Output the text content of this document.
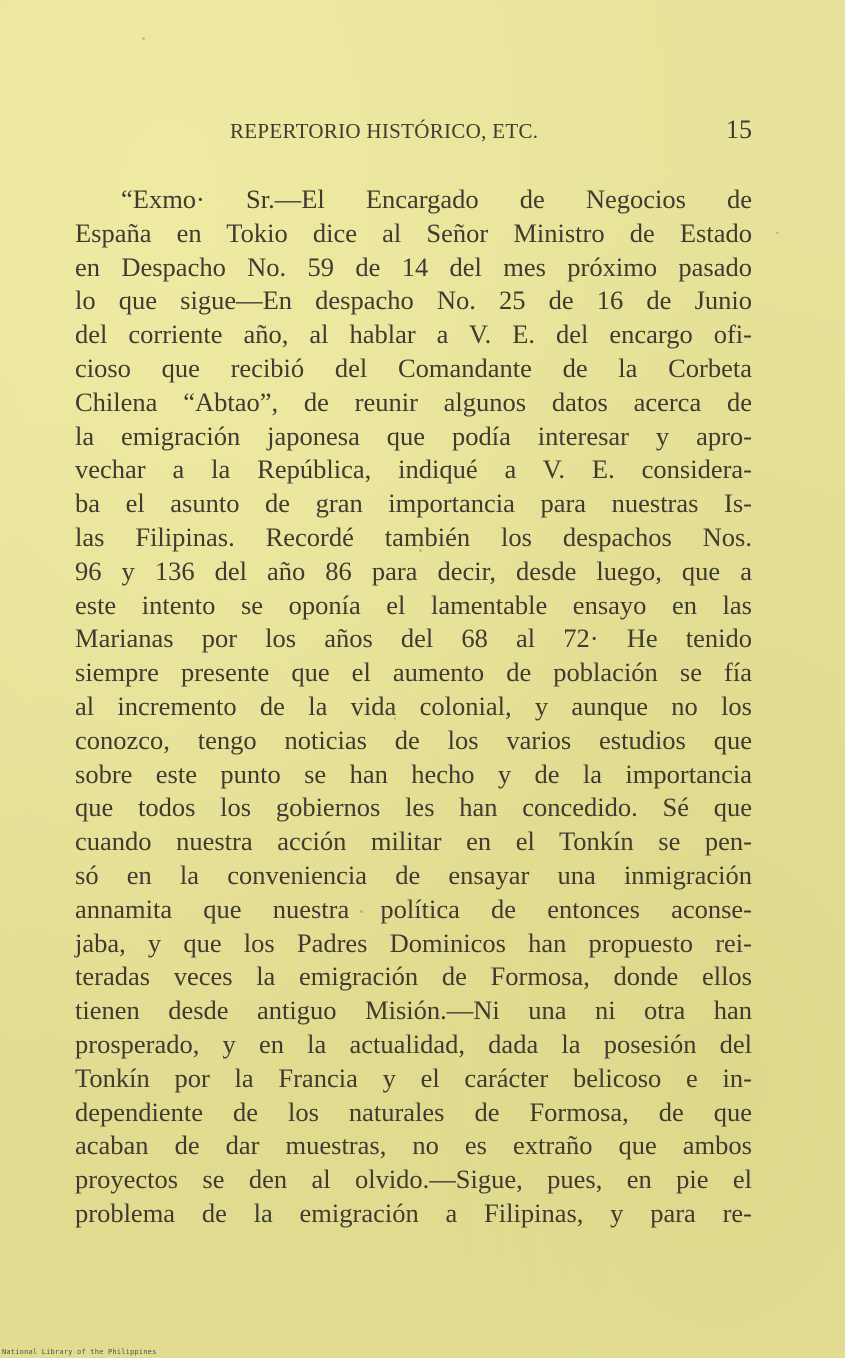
REPERTORIO HISTÓRICO, ETC.	15
“Exmo· Sr.—El Encargado de Negocios de
España en Tokio dice al Señor Ministro de Estado
en Despacho No. 59 de 14 del mes próximo pasado
lo que sigue—En despacho No. 25 de 16 de Junio
del corriente año, al hablar a V. E. del encargo ofi-
cioso que recibió del Comandante de la Corbeta
Chilena “Abtao”, de reunir algunos datos acerca de
la emigración japonesa que podía interesar y apro-
vechar a la República, indiqué a V. E. considera-
ba el asunto de gran importancia para nuestras Is-
las Filipinas. Recordé también los despachos Nos.
96 y 136 del año 86 para decir, desde luego, que a
este intento se oponía el lamentable ensayo en las
Marianas por los años del 68 al 72· He tenido
siempre presente que el aumento de población se fía
al incremento de la vida colonial, y aunque no los
conozco, tengo noticias de los varios estudios que
sobre este punto se han hecho y de la importancia
que todos los gobiernos les han concedido. Sé que
cuando nuestra acción militar en el Tonkín se pen-
só en la conveniencia de ensayar una inmigración
annamita que nuestra política de entonces aconse-
jaba, y que los Padres Dominicos han propuesto rei-
teradas veces la emigración de Formosa, donde ellos
tienen desde antiguo Misión.—Ni una ni otra han
prosperado, y en la actualidad, dada la posesión del
Tonkín por la Francia y el carácter belicoso e in-
dependiente de los naturales de Formosa, de que
acaban de dar muestras, no es extraño que ambos
proyectos se den al olvido.—Sigue, pues, en pie el
problema de la emigración a Filipinas, y para re-
National Library of the Philippines
